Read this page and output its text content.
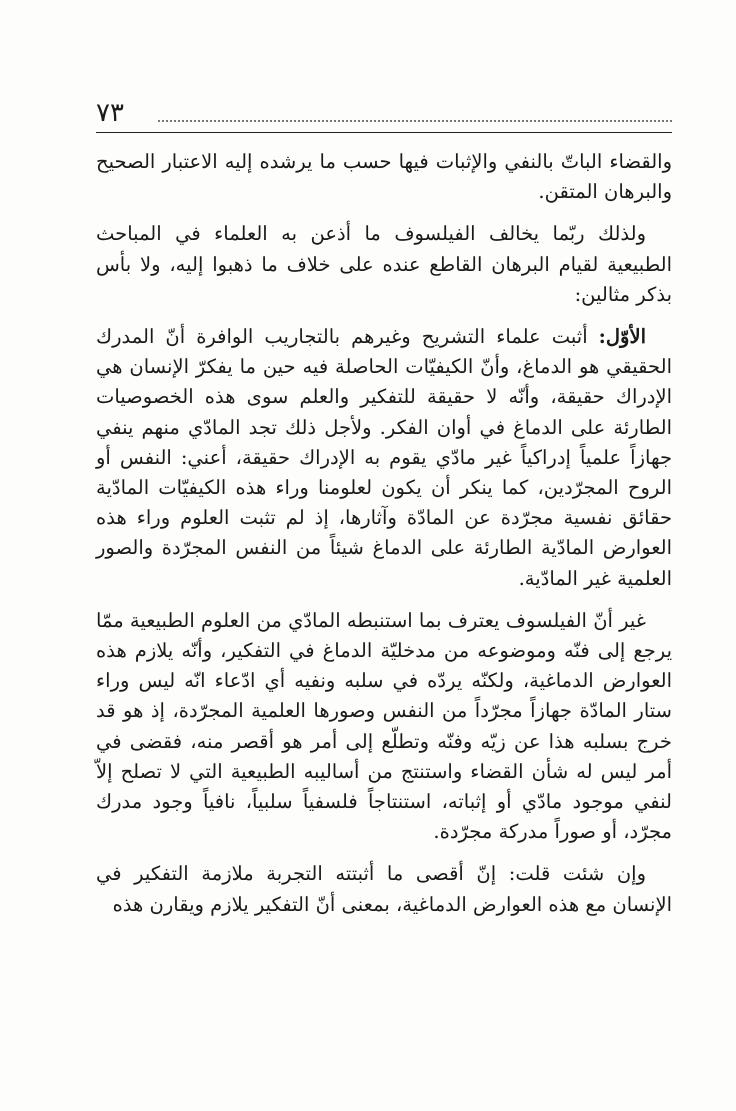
٧٣

والقضاء الباتّ بالنفي والإثبات فيها حسب ما يرشده إليه الاعتبار الصحيح والبرهان المتقن.

ولذلك ربّما يخالف الفيلسوف ما أذعن به العلماء في المباحث الطبيعية لقيام البرهان القاطع عنده على خلاف ما ذهبوا إليه، ولا بأس بذكر مثالين:

الأوّل: أثبت علماء التشريح وغيرهم بالتجاريب الوافرة أنّ المدرك الحقيقي هو الدماغ، وأنّ الكيفيّات الحاصلة فيه حين ما يفكرّ الإنسان هي الإدراك حقيقة، وأنّه لا حقيقة للتفكير والعلم سوى هذه الخصوصيات الطارئة على الدماغ في أوان الفكر. ولأجل ذلك تجد المادّي منهم ينفي جهازاً علمياً إدراكياً غير مادّي يقوم به الإدراك حقيقة، أعني: النفس أو الروح المجرّدين، كما ينكر أن يكون لعلومنا وراء هذه الكيفيّات المادّية حقائق نفسية مجرّدة عن المادّة وآثارها، إذ لم تثبت العلوم وراء هذه العوارض المادّية الطارئة على الدماغ شيئاً من النفس المجرّدة والصور العلمية غير المادّية.

غير أنّ الفيلسوف يعترف بما استنبطه المادّي من العلوم الطبيعية ممّا يرجع إلى فنّه وموضوعه من مدخليّة الدماغ في التفكير، وأنّه يلازم هذه العوارض الدماغية، ولكنّه يردّه في سلبه ونفيه أي ادّعاء انّه ليس وراء ستار المادّة جهازاً مجرّداً من النفس وصورها العلمية المجرّدة، إذ هو قد خرج بسلبه هذا عن زيّه وفنّه وتطلّع إلى أمر هو أقصر منه، فقضى في أمر ليس له شأن القضاء واستنتج من أساليبه الطبيعية التي لا تصلح إلاّ لنفي موجود مادّي أو إثباته، استنتاجاً فلسفياً سلبياً، نافياً وجود مدرك مجرّد، أو صوراً مدركة مجرّدة.

وإن شئت قلت: إنّ أقصى ما أثبتته التجربة ملازمة التفكير في الإنسان مع هذه العوارض الدماغية، بمعنى أنّ التفكير يلازم ويقارن هذه
